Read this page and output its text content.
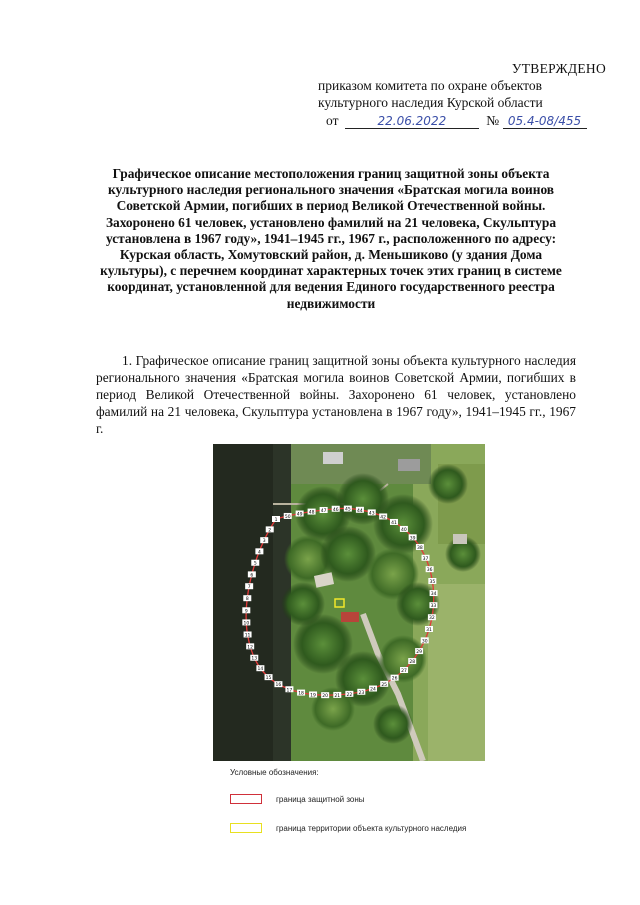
УТВЕРЖДЕНО
приказом комитета по охране объектов
культурного наследия Курской области
от	22.06.2022	№ 05.4-08/455
Графическое описание местоположения границ защитной зоны объекта культурного наследия регионального значения «Братская могила воинов Советской Армии, погибших в период Великой Отечественной войны. Захоронено 61 человек, установлено фамилий на 21 человека, Скульптура установлена в 1967 году», 1941–1945 гг., 1967 г., расположенного по адресу: Курская область, Хомутовский район, д. Меньшиково (у здания Дома культуры), с перечнем координат характерных точек этих границ в системе координат, установленной для ведения Единого государственного реестра недвижимости
1. Графическое описание границ защитной зоны объекта культурного наследия регионального значения «Братская могила воинов Советской Армии, погибших в период Великой Отечественной войны. Захоронено 61 человек, установлено фамилий на 21 человека, Скульптура установлена в 1967 году», 1941–1945 гг., 1967 г.
1
2
3
4
5
6
7
8
9
10
11
12
13
14
15
16
17
18 19 20 21 22 23
24
25
26
27
28
29
30
31
32
33
34
35
36
37
38
39
40
41
42
43
44
45
46
47
48
49
50
Условные обозначения:
граница защитной зоны
граница территории объекта культурного наследия
